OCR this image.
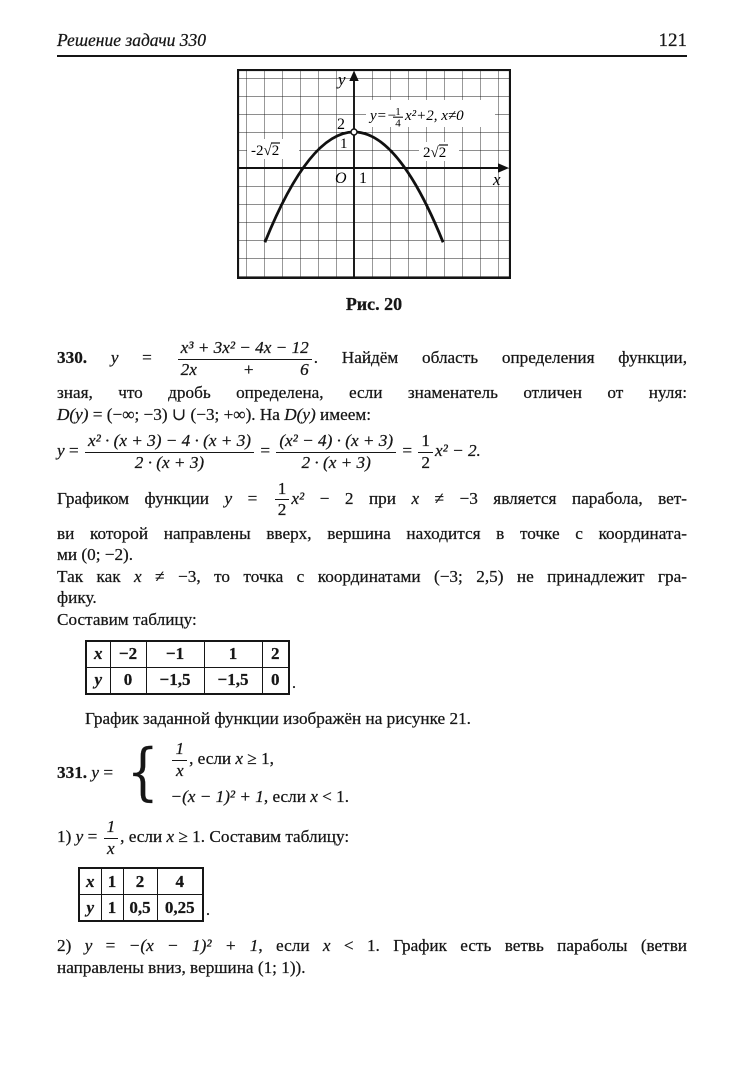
Решение задачи 330	121
y
x
O 1
2
1
-2√2	2√2
y=−
1
4 x²+2, x≠0
Рис. 20
330. $y = \frac{\text{x³ + 3x² − 4x − 12}}{2x + 6}$ . Найдём область определения функции,
зная, что дробь определена, если знаменатель отличен от нуля:
D(y) = (−∞; −3) ∪ (−3; +∞). На D(y) имеем:
$y = \frac{\text{x² · (x + 3) − 4 · (x + 3)}}{2 \cdot (x + 3)} = \frac{\text{(x² − 4) · (x + 3)}}{2 \cdot (x + 3)} = \frac{1}{2} x^2 - 2$.
Графиком функции $y = \frac{1}{2} x^2 - 2$ при x ≠ −3 является парабола, вет-
ви которой направлены вверх, вершина находится в точке с координата-
ми (0; −2).
Так как x ≠ −3, то точка с координатами (−3; 2,5) не принадлежит гра-
фику.
Составим таблицу:
x	−2	−1	1	2
y	0	−1,5	−1,5	0 .
График заданной функции изображён на рисунке 21.
331. y = { $\frac{1}{x}$ , если x ≥ 1,
−(x − 1)² + 1, если x < 1.
1) $y = \frac{1}{x}$ , если x ≥ 1. Составим таблицу:
x	1	2	4
y	1	0,5	0,25 .
2) y = −(x − 1)² + 1, если x < 1. График есть ветвь параболы (ветви
направлены вниз, вершина (1; 1)).
